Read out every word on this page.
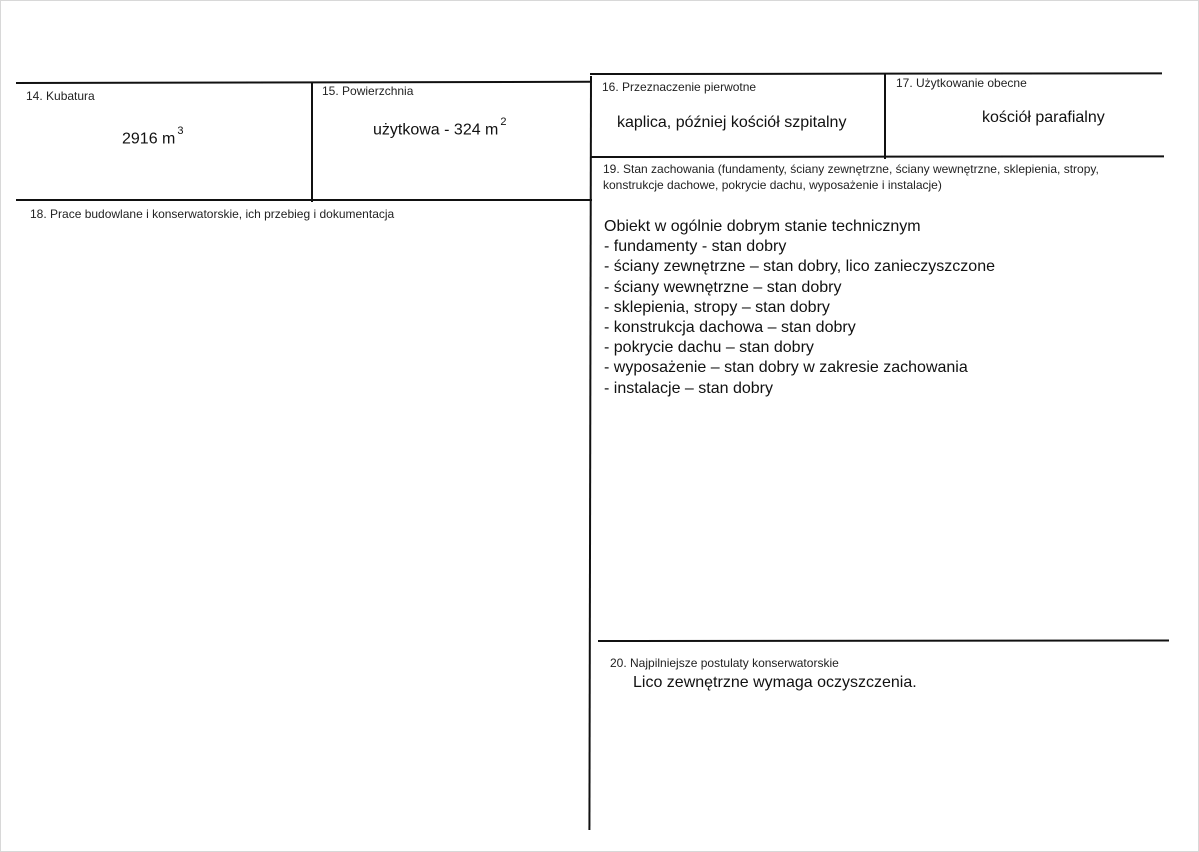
14. Kubatura
2916 m $^3$
15. Powierzchnia
użytkowa - 324 m $^2$
16. Przeznaczenie pierwotne
kaplica, później kościół szpitalny
17. Użytkowanie obecne
kościół parafialny
18. Prace budowlane i konserwatorskie, ich przebieg i dokumentacja
19. Stan zachowania (fundamenty, ściany zewnętrzne, ściany wewnętrzne, sklepienia, stropy,
konstrukcje dachowe, pokrycie dachu, wyposażenie i instalacje)
Obiekt w ogólnie dobrym stanie technicznym
- fundamenty - stan dobry
- ściany zewnętrzne – stan dobry, lico zanieczyszczone
- ściany wewnętrzne – stan dobry
- sklepienia, stropy – stan dobry
- konstrukcja dachowa – stan dobry
- pokrycie dachu – stan dobry
- wyposażenie – stan dobry w zakresie zachowania
- instalacje – stan dobry
20. Najpilniejsze postulaty konserwatorskie
Lico zewnętrzne wymaga oczyszczenia.
